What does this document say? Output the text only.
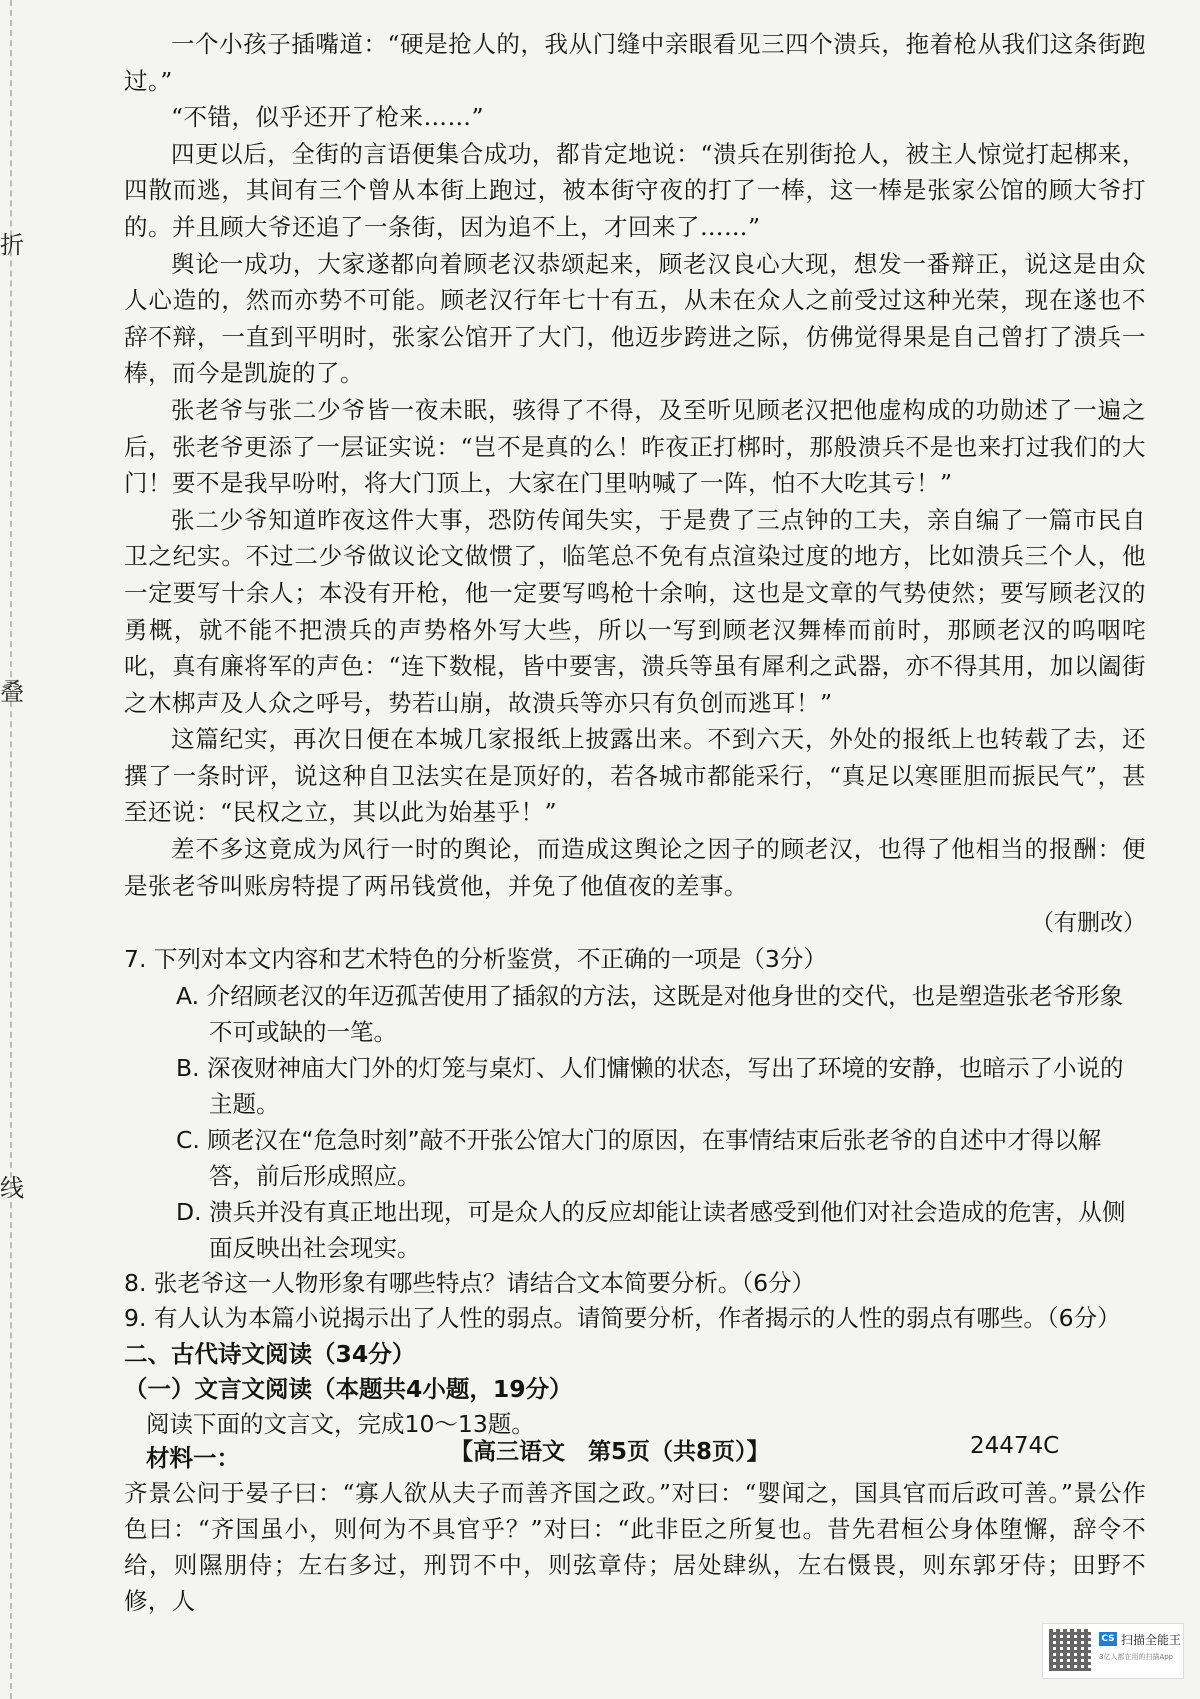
折
叠
线

一个小孩子插嘴道：“硬是抢人的，我从门缝中亲眼看见三四个溃兵，拖着枪从我们这条街跑过。”

“不错，似乎还开了枪来……”

四更以后，全街的言语便集合成功，都肯定地说：“溃兵在别街抢人，被主人惊觉打起梆来，四散而逃，其间有三个曾从本街上跑过，被本街守夜的打了一棒，这一棒是张家公馆的顾大爷打的。并且顾大爷还追了一条街，因为追不上，才回来了……”

舆论一成功，大家遂都向着顾老汉恭颂起来，顾老汉良心大现，想发一番辩正，说这是由众人心造的，然而亦势不可能。顾老汉行年七十有五，从未在众人之前受过这种光荣，现在遂也不辞不辩，一直到平明时，张家公馆开了大门，他迈步跨进之际，仿佛觉得果是自己曾打了溃兵一棒，而今是凯旋的了。

张老爷与张二少爷皆一夜未眠，骇得了不得，及至听见顾老汉把他虚构成的功勋述了一遍之后，张老爷更添了一层证实说：“岂不是真的么！昨夜正打梆时，那般溃兵不是也来打过我们的大门！要不是我早吩咐，将大门顶上，大家在门里呐喊了一阵，怕不大吃其亏！”

张二少爷知道昨夜这件大事，恐防传闻失实，于是费了三点钟的工夫，亲自编了一篇市民自卫之纪实。不过二少爷做议论文做惯了，临笔总不免有点渲染过度的地方，比如溃兵三个人，他一定要写十余人；本没有开枪，他一定要写鸣枪十余响，这也是文章的气势使然；要写顾老汉的勇概，就不能不把溃兵的声势格外写大些，所以一写到顾老汉舞棒而前时，那顾老汉的呜咽咤叱，真有廉将军的声色：“连下数棍，皆中要害，溃兵等虽有犀利之武器，亦不得其用，加以阖街之木梆声及人众之呼号，势若山崩，故溃兵等亦只有负创而逃耳！”

这篇纪实，再次日便在本城几家报纸上披露出来。不到六天，外处的报纸上也转载了去，还撰了一条时评，说这种自卫法实在是顶好的，若各城市都能采行，“真足以寒匪胆而振民气”，甚至还说：“民权之立，其以此为始基乎！”

差不多这竟成为风行一时的舆论，而造成这舆论之因子的顾老汉，也得了他相当的报酬：便是张老爷叫账房特提了两吊钱赏他，并免了他值夜的差事。

（有删改）

7. 下列对本文内容和艺术特色的分析鉴赏，不正确的一项是（3分）

A. 介绍顾老汉的年迈孤苦使用了插叙的方法，这既是对他身世的交代，也是塑造张老爷形象不可或缺的一笔。

B. 深夜财神庙大门外的灯笼与桌灯、人们慵懒的状态，写出了环境的安静，也暗示了小说的主题。

C. 顾老汉在“危急时刻”敲不开张公馆大门的原因，在事情结束后张老爷的自述中才得以解答，前后形成照应。

D. 溃兵并没有真正地出现，可是众人的反应却能让读者感受到他们对社会造成的危害，从侧面反映出社会现实。

8. 张老爷这一人物形象有哪些特点？请结合文本简要分析。（6分）

9. 有人认为本篇小说揭示出了人性的弱点。请简要分析，作者揭示的人性的弱点有哪些。（6分）

二、古代诗文阅读（34分）

（一）文言文阅读（本题共4小题，19分）

阅读下面的文言文，完成10～13题。

材料一：

齐景公问于晏子曰：“寡人欲从夫子而善齐国之政。”对曰：“婴闻之，国具官而后政可善。”景公作色曰：“齐国虽小，则何为不具官乎？”对曰：“此非臣之所复也。昔先君桓公身体堕懈，辞令不给，则隰朋侍；左右多过，刑罚不中，则弦章侍；居处肆纵，左右慑畏，则东郭牙侍；田野不修，人

【高三语文　第5页（共8页）】	24474C
CS 扫描全能王
3亿人都在用的扫描App
